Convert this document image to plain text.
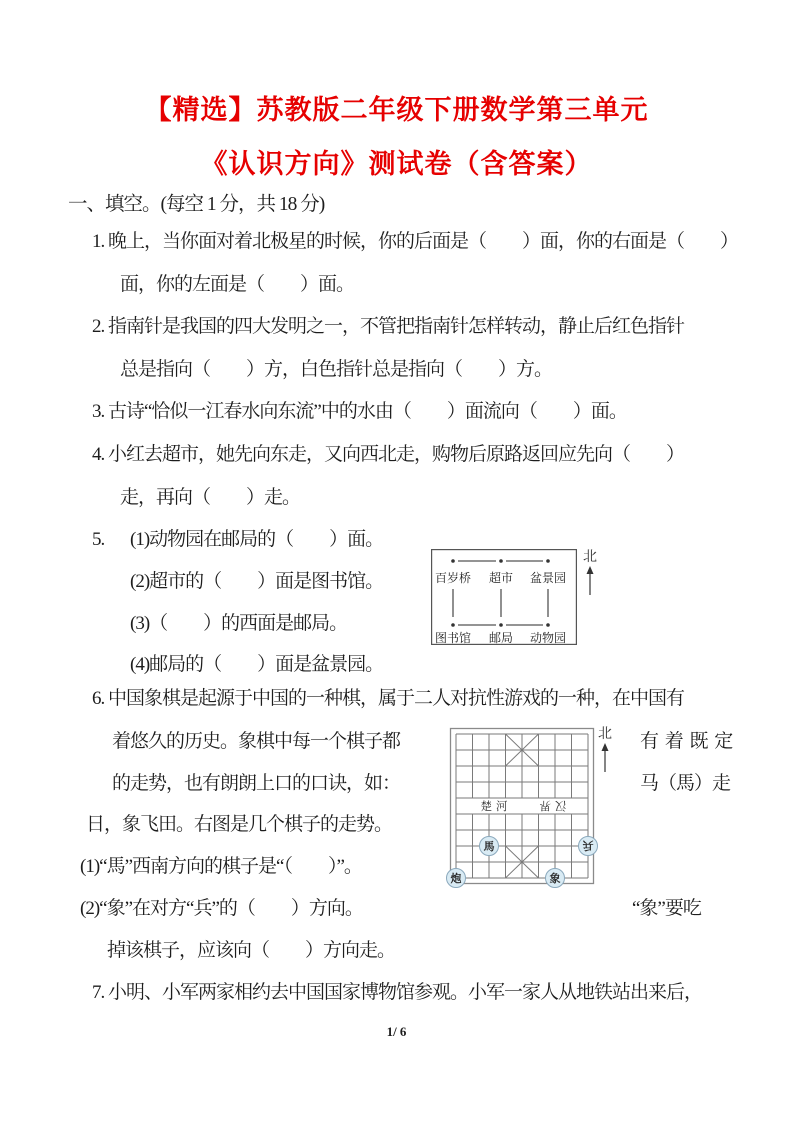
【精选】苏教版二年级下册数学第三单元
《认识方向》测试卷（含答案）
一、填空。(每空 1 分，共 18 分)
1. 晚上，当你面对着北极星的时候，你的后面是（　　）面，你的右面是（　　）
面，你的左面是（　　）面。
2. 指南针是我国的四大发明之一，不管把指南针怎样转动，静止后红色指针
总是指向（　　）方，白色指针总是指向（　　）方。
3. 古诗“恰似一江春水向东流”中的水由（　　）面流向（　　）面。
4. 小红去超市，她先向东走，又向西北走，购物后原路返回应先向（　　）
走，再向（　　）走。
5. (1)动物园在邮局的（　　）面。
(2)超市的（　　）面是图书馆。
(3)（　　）的西面是邮局。
(4)邮局的（　　）面是盆景园。
百岁桥 超市 盆景园
图书馆 邮局 动物园
北
6. 中国象棋是起源于中国的一种棋，属于二人对抗性游戏的一种，在中国有
着悠久的历史。象棋中每一个棋子都
的走势，也有朗朗上口的口诀，如：
日，象飞田。右图是几个棋子的走势。
(1)“馬”西南方向的棋子是“（　　）”。
(2)“象”在对方“兵”的（　　）方向。
掉该棋子，应该向（　　）方向走。
有 着 既 定
马（馬）走
“象”要吃
楚河 汉界
馬	兵
炮	象
北
7. 小明、小军两家相约去中国国家博物馆参观。小军一家人从地铁站出来后，
1/ 6
